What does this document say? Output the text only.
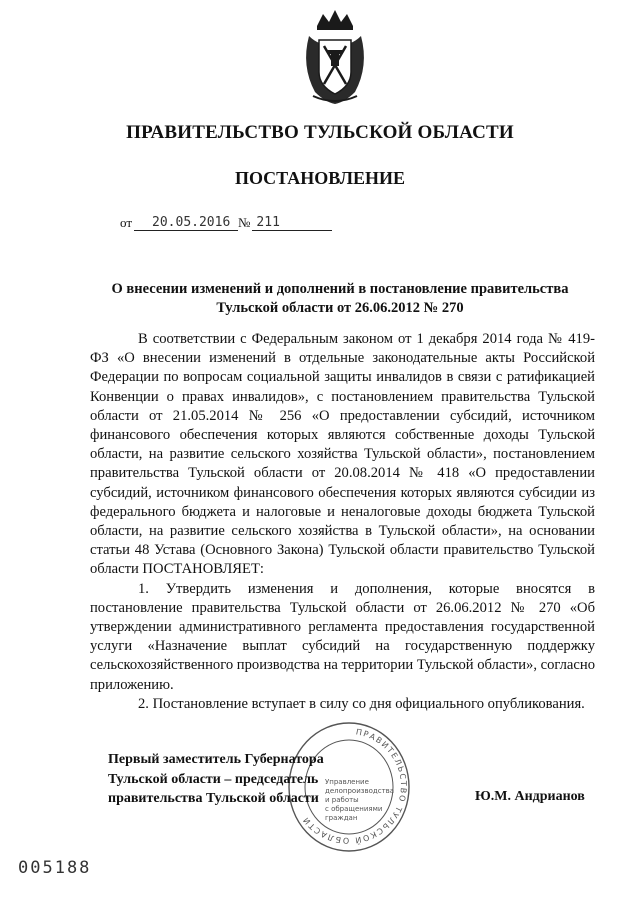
ПРАВИТЕЛЬСТВО ТУЛЬСКОЙ ОБЛАСТИ
ПОСТАНОВЛЕНИЕ
от	20.05.2016 № 211
О внесении изменений и дополнений в постановление правительства
Тульской области от 26.06.2012 № 270

В соответствии с Федеральным законом от 1 декабря 2014 года № 419-ФЗ «О внесении изменений в отдельные законодательные акты Российской Федерации по вопросам социальной защиты инвалидов в связи с ратификацией Конвенции о правах инвалидов», с постановлением правительства Тульской области от 21.05.2014 № 256 «О предоставлении субсидий, источником финансового обеспечения которых являются собственные доходы Тульской области, на развитие сельского хозяйства Тульской области», постановлением правительства Тульской области от 20.08.2014 № 418 «О предоставлении субсидий, источником финансового обеспечения которых являются субсидии из федерального бюджета и налоговые и неналоговые доходы бюджета Тульской области, на развитие сельского хозяйства в Тульской области», на основании статьи 48 Устава (Основного Закона) Тульской области правительство Тульской области ПОСТАНОВЛЯЕТ:

1. Утвердить изменения и дополнения, которые вносятся в постановление правительства Тульской области от 26.06.2012 № 270 «Об утверждении административного регламента предоставления государственной услуги «Назначение выплат субсидий на государственную поддержку сельскохозяйственного производства на территории Тульской области», согласно приложению.

2. Постановление вступает в силу со дня официального опубликования.

ПРАВИТЕЛЬСТВО ТУЛЬСКОЙ ОБЛАСТИ
Управление
делопроизводства
и работы
с обращениями
граждан
Первый заместитель Губернатора
Тульской области – председатель
правительства Тульской области	Ю.М. Андрианов
005188
